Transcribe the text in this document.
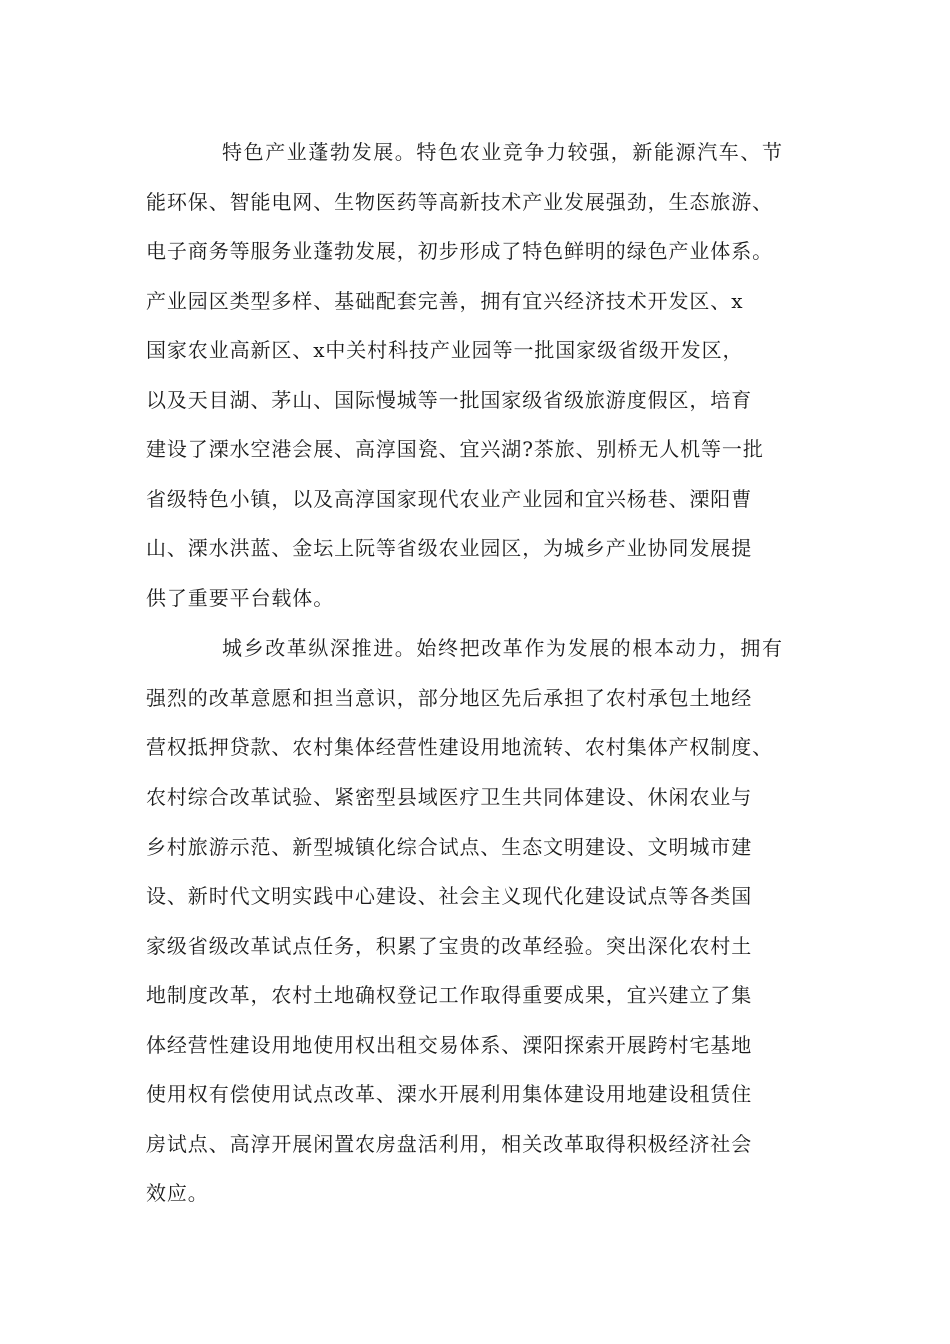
特色产业蓬勃发展。特色农业竞争力较强，新能源汽车、节
能环保、智能电网、生物医药等高新技术产业发展强劲，生态旅游、
电子商务等服务业蓬勃发展，初步形成了特色鲜明的绿色产业体系。
产业园区类型多样、基础配套完善，拥有宜兴经济技术开发区、x
国家农业高新区、x中关村科技产业园等一批国家级省级开发区，
以及天目湖、茅山、国际慢城等一批国家级省级旅游度假区，培育
建设了溧水空港会展、高淳国瓷、宜兴湖?茶旅、别桥无人机等一批
省级特色小镇，以及高淳国家现代农业产业园和宜兴杨巷、溧阳曹
山、溧水洪蓝、金坛上阮等省级农业园区，为城乡产业协同发展提
供了重要平台载体。
城乡改革纵深推进。始终把改革作为发展的根本动力，拥有
强烈的改革意愿和担当意识，部分地区先后承担了农村承包土地经
营权抵押贷款、农村集体经营性建设用地流转、农村集体产权制度、
农村综合改革试验、紧密型县域医疗卫生共同体建设、休闲农业与
乡村旅游示范、新型城镇化综合试点、生态文明建设、文明城市建
设、新时代文明实践中心建设、社会主义现代化建设试点等各类国
家级省级改革试点任务，积累了宝贵的改革经验。突出深化农村土
地制度改革，农村土地确权登记工作取得重要成果，宜兴建立了集
体经营性建设用地使用权出租交易体系、溧阳探索开展跨村宅基地
使用权有偿使用试点改革、溧水开展利用集体建设用地建设租赁住
房试点、高淳开展闲置农房盘活利用，相关改革取得积极经济社会
效应。
